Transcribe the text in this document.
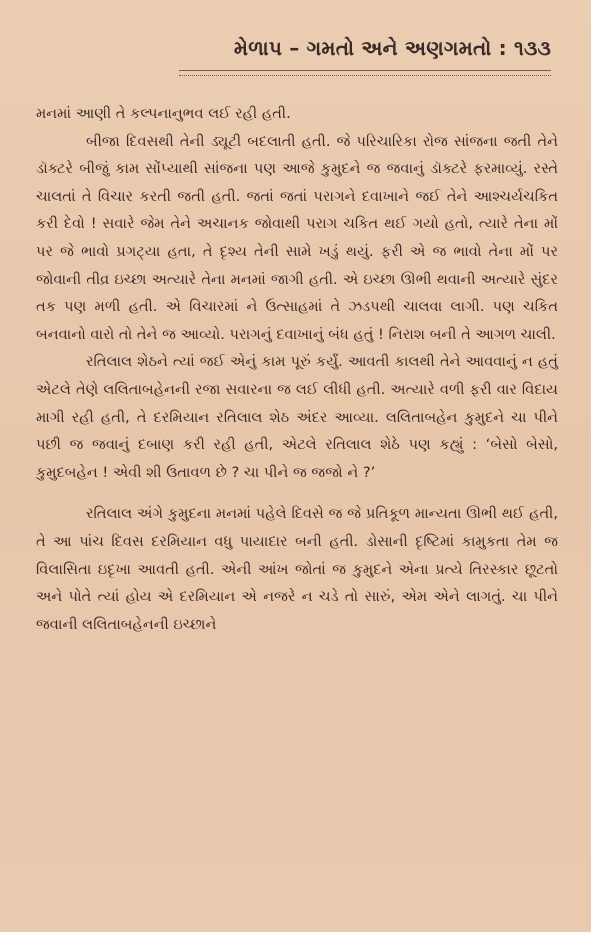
મેળાપ – ગમતો અને અણગમતો : ૧૩૩

મનમાં આણી તે કલ્પનાનુભવ લઈ રહી હતી.

બીજા દિવસથી તેની ડ્યૂટી બદલાતી હતી. જે પરિચારિકા રોજ સાંજના જતી તેને ડૉક્ટરે બીજું કામ સોંપ્યાથી સાંજના પણ આજે કુમુદને જ જવાનું ડૉક્ટરે ફરમાવ્યું. રસ્તે ચાલતાં તે વિચાર કરતી જતી હતી. જતાં જતાં પરાગને દવાખાને જઈ તેને આશ્ચર્યચકિત કરી દેવો ! સવારે જેમ તેને અચાનક જોવાથી પરાગ ચકિત થઈ ગયો હતો, ત્યારે તેના મોં પર જે ભાવો પ્રગટ્યા હતા, તે દૃશ્ય તેની સામે ખડું થયું. ફરી એ જ ભાવો તેના મોં પર જોવાની તીવ્ર ઇચ્છા અત્યારે તેના મનમાં જાગી હતી. એ ઇચ્છા ઊભી થવાની અત્યારે સુંદર તક પણ મળી હતી. એ વિચારમાં ને ઉત્સાહમાં તે ઝડપથી ચાલવા લાગી. પણ ચકિત બનવાનો વારો તો તેને જ આવ્યો. પરાગનું દવાખાનું બંધ હતું ! નિરાશ બની તે આગળ ચાલી.

રતિલાલ શેઠને ત્યાં જઈ એનું કામ પૂરું કર્યું. આવતી કાલથી તેને આવવાનું ન હતું એટલે તેણે લલિતાબહેનની રજા સવારના જ લઈ લીધી હતી. અત્યારે વળી ફરી વાર વિદાય માગી રહી હતી, તે દરમિયાન રતિલાલ શેઠ અંદર આવ્યા. લલિતાબહેન કુમુદને ચા પીને પછી જ જવાનું દબાણ કરી રહી હતી, એટલે રતિલાલ શેઠે પણ કહ્યું : ‘બેસો બેસો, કુમુદબહેન ! એવી શી ઉતાવળ છે ? ચા પીને જ જજો ને ?’

રતિલાલ અંગે કુમુદના મનમાં પહેલે દિવસે જ જે પ્રતિકૂળ માન્યતા ઊભી થઈ હતી, તે આ પાંચ દિવસ દરમિયાન વધુ પાયાદાર બની હતી. ડોસાની દૃષ્ટિમાં કામુકતા તેમ જ વિલાસિતા ઇદૃખા આવતી હતી. એની આંખ જોતાં જ કુમુદને એના પ્રત્યે તિરસ્કાર છૂટતો અને પોતે ત્યાં હોય એ દરમિયાન એ નજરે ન ચડે તો સારું, એમ એને લાગતું. ચા પીને જવાની લલિતાબહેનની ઇચ્છાને
